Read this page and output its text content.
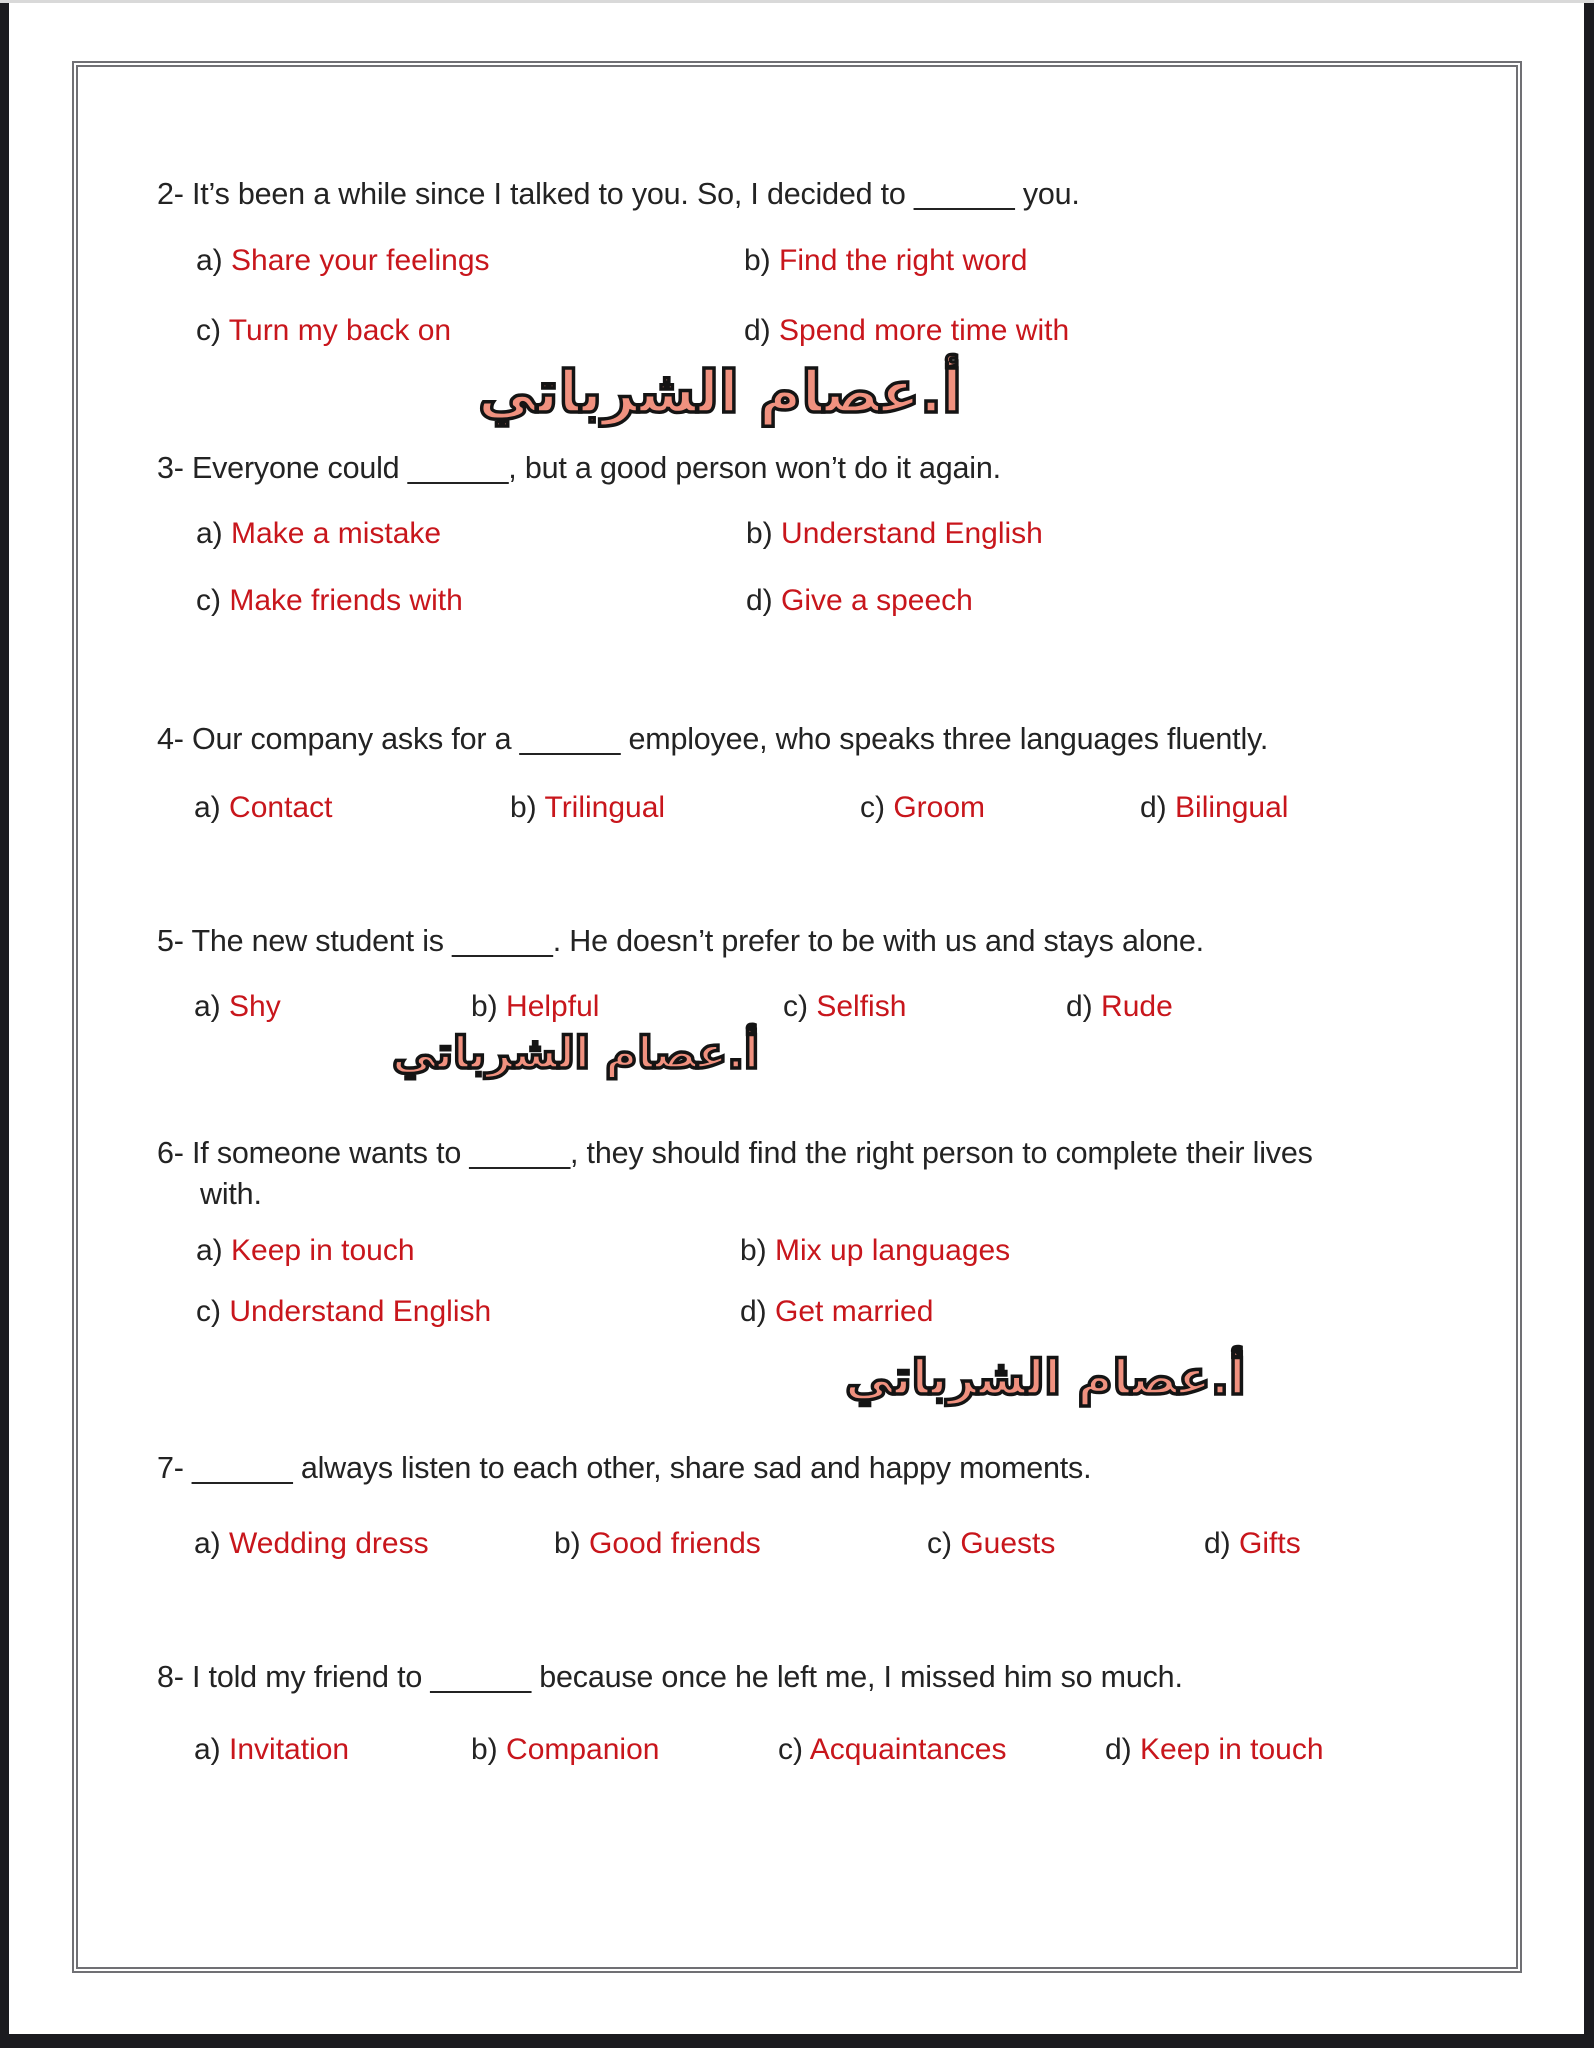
2- It’s been a while since I talked to you. So, I decided to ______ you.
a) Share your feelings	b) Find the right word
c) Turn my back on	d) Spend more time with
أ.عصام الشرباتي
3- Everyone could ______, but a good person won’t do it again.
a) Make a mistake	b) Understand English
c) Make friends with	d) Give a speech
4- Our company asks for a ______ employee, who speaks three languages fluently.
a) Contact	b) Trilingual	c) Groom	d) Bilingual
5- The new student is ______. He doesn’t prefer to be with us and stays alone.
a) Shy	b) Helpful	c) Selfish	d) Rude
أ.عصام الشرباتي
6- If someone wants to ______, they should find the right person to complete their lives
with.
a) Keep in touch	b) Mix up languages
c) Understand English	d) Get married
أ.عصام الشرباتي
7- ______ always listen to each other, share sad and happy moments.
a) Wedding dress	b) Good friends	c) Guests	d) Gifts
8- I told my friend to ______ because once he left me, I missed him so much.
a) Invitation	b) Companion	c) Acquaintances	d) Keep in touch
